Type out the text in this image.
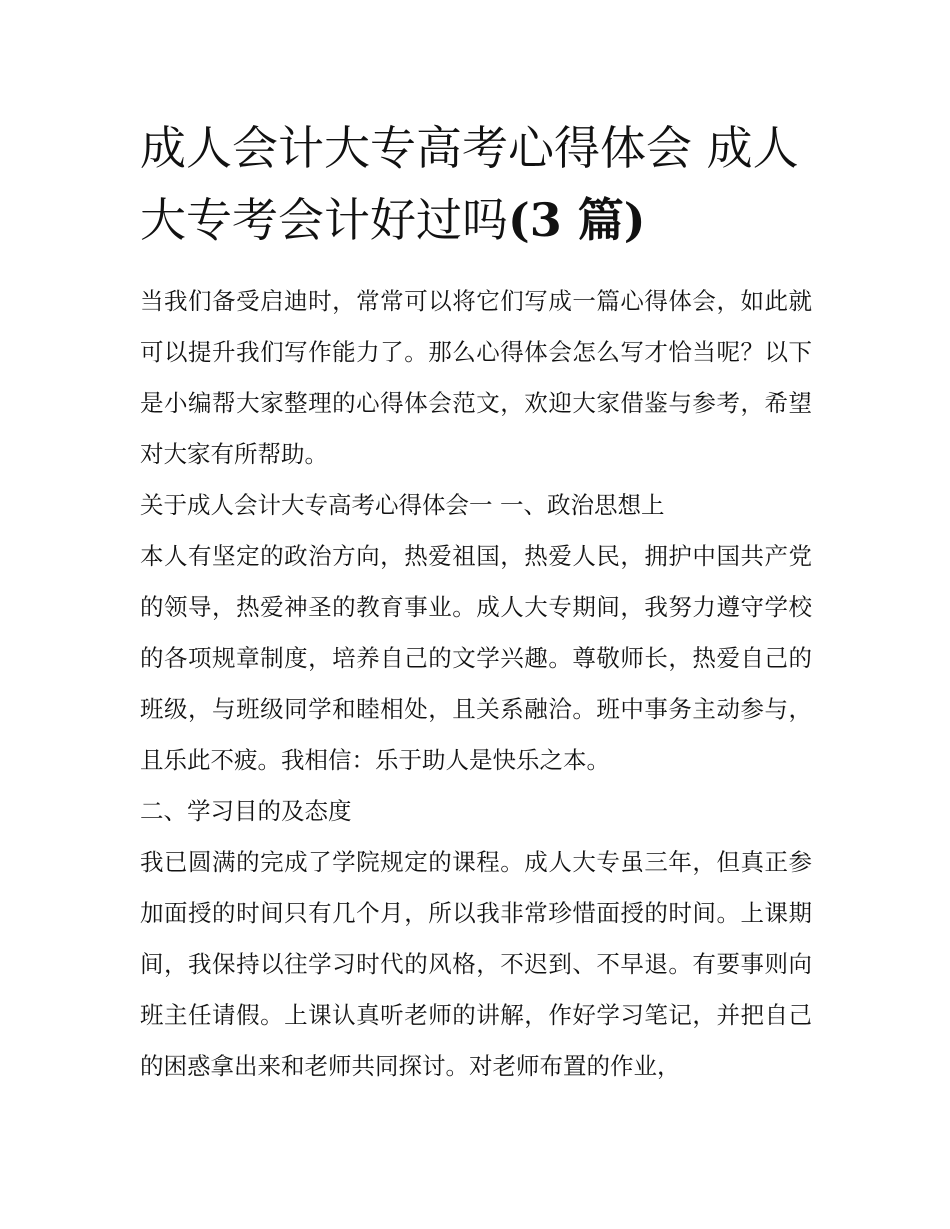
成人会计大专高考心得体会 成人大专考会计好过吗(3 篇)

当我们备受启迪时，常常可以将它们写成一篇心得体会，如此就可以提升我们写作能力了。那么心得体会怎么写才恰当呢？以下是小编帮大家整理的心得体会范文，欢迎大家借鉴与参考，希望对大家有所帮助。

关于成人会计大专高考心得体会一 一、政治思想上

本人有坚定的政治方向，热爱祖国，热爱人民，拥护中国共产党的领导，热爱神圣的教育事业。成人大专期间，我努力遵守学校的各项规章制度，培养自己的文学兴趣。尊敬师长，热爱自己的班级，与班级同学和睦相处，且关系融洽。班中事务主动参与，且乐此不疲。我相信：乐于助人是快乐之本。

二、学习目的及态度

我已圆满的完成了学院规定的课程。成人大专虽三年，但真正参加面授的时间只有几个月，所以我非常珍惜面授的时间。上课期间，我保持以往学习时代的风格，不迟到、不早退。有要事则向班主任请假。上课认真听老师的讲解，作好学习笔记，并把自己的困惑拿出来和老师共同探讨。对老师布置的作业，
